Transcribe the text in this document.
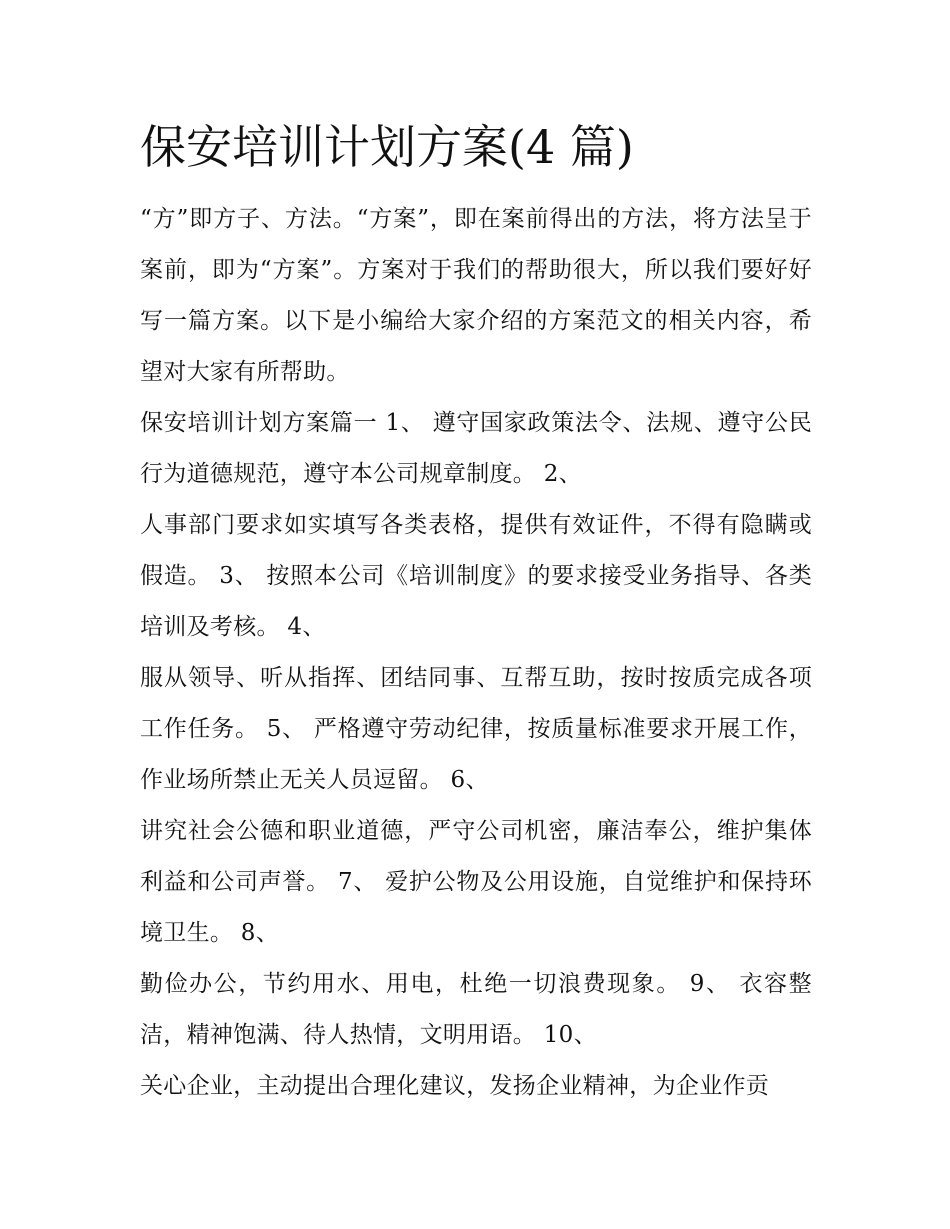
保安培训计划方案(4 篇)

“方”即方子、方法。“方案”，即在案前得出的方法，将方法呈于案前，即为“方案”。方案对于我们的帮助很大，所以我们要好好写一篇方案。以下是小编给大家介绍的方案范文的相关内容，希望对大家有所帮助。

保安培训计划方案篇一 1、 遵守国家政策法令、法规、遵守公民行为道德规范，遵守本公司规章制度。 2、

人事部门要求如实填写各类表格，提供有效证件，不得有隐瞒或假造。 3、 按照本公司《培训制度》的要求接受业务指导、各类培训及考核。 4、

服从领导、听从指挥、团结同事、互帮互助，按时按质完成各项工作任务。 5、 严格遵守劳动纪律，按质量标准要求开展工作，作业场所禁止无关人员逗留。 6、

讲究社会公德和职业道德，严守公司机密，廉洁奉公，维护集体利益和公司声誉。 7、 爱护公物及公用设施，自觉维护和保持环境卫生。 8、

勤俭办公，节约用水、用电，杜绝一切浪费现象。 9、 衣容整洁，精神饱满、待人热情，文明用语。 10、

关心企业，主动提出合理化建议，发扬企业精神，为企业作贡
